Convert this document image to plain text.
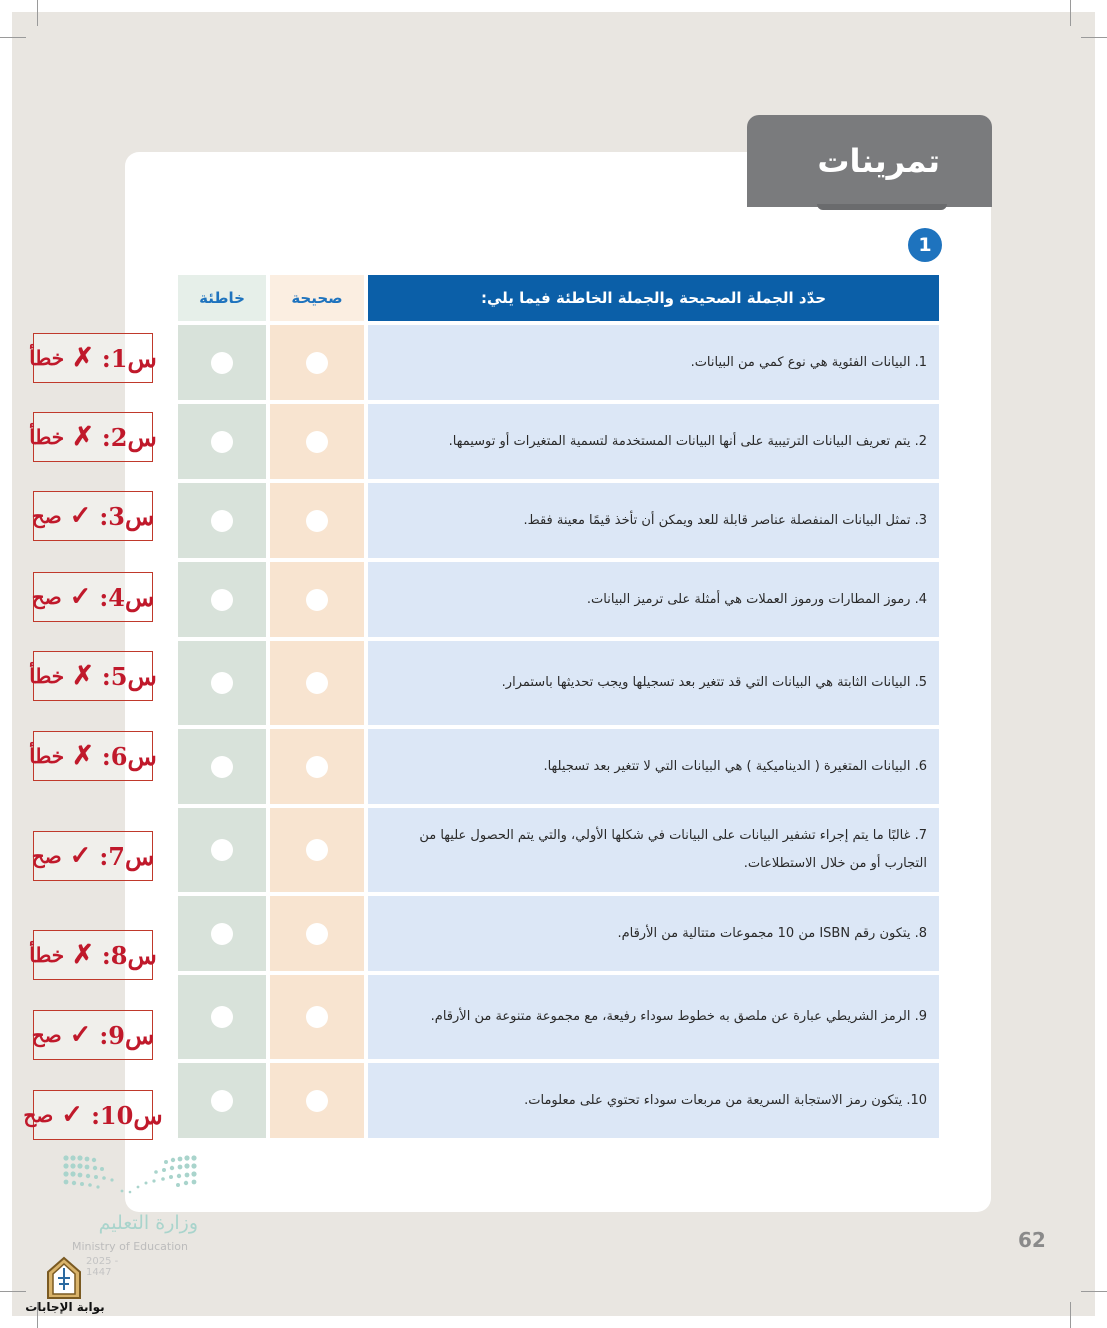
تمرينات
1
حدّد الجملة الصحيحة والجملة الخاطئة فيما يلي:
صحيحة
خاطئة
1. البيانات الفئوية هي نوع كمي من البيانات.
2. يتم تعريف البيانات الترتيبية على أنها البيانات المستخدمة لتسمية المتغيرات أو توسيمها.
3. تمثل البيانات المنفصلة عناصر قابلة للعد ويمكن أن تأخذ قيمًا معينة فقط.
4. رموز المطارات ورموز العملات هي أمثلة على ترميز البيانات.
5. البيانات الثابتة هي البيانات التي قد تتغير بعد تسجيلها ويجب تحديثها باستمرار.
6. البيانات المتغيرة ( الديناميكية ) هي البيانات التي لا تتغير بعد تسجيلها.
7. غالبًا ما يتم إجراء تشفير البيانات على البيانات في شكلها الأولي، والتي يتم الحصول عليها من التجارب أو من خلال الاستطلاعات.
8. يتكون رقم ISBN من 10 مجموعات متتالية من الأرقام.
9. الرمز الشريطي عبارة عن ملصق به خطوط سوداء رفيعة، مع مجموعة متنوعة من الأرقام.
10. يتكون رمز الاستجابة السريعة من مربعات سوداء تحتوي على معلومات.
س1:
✗
خطأ
س2:
✗
خطأ
س3:
✓
صح
س4:
✓
صح
س5:
✗
خطأ
س6:
✗
خطأ
س7:
✓
صح
س8:
✗
خطأ
س9:
✓
صح
س10:
✓
صح
62
وزارة التعليم
Ministry of Education
2025 - 1447
بوابة الإجابات
